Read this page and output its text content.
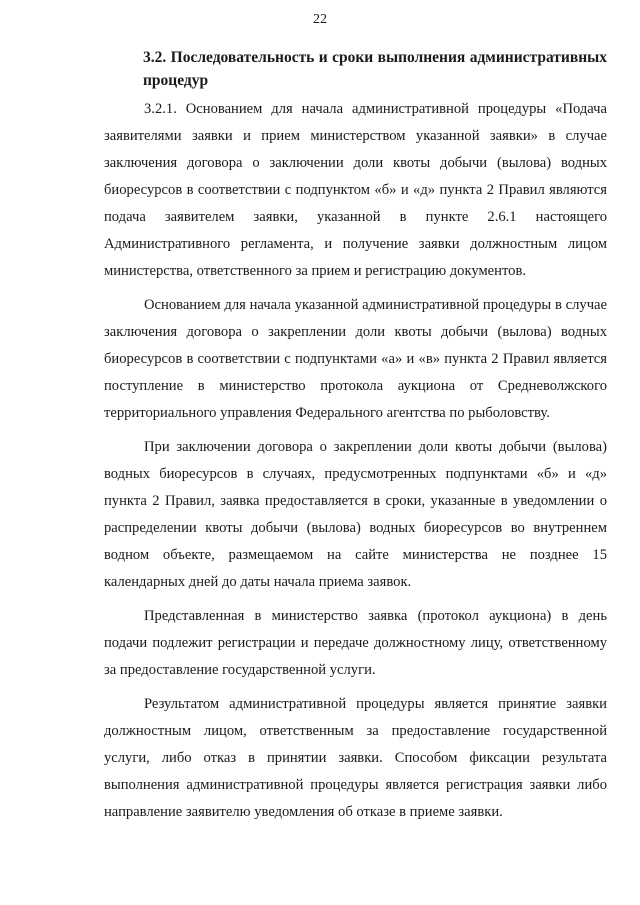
22
3.2. Последовательность и сроки выполнения административных процедур

3.2.1. Основанием для начала административной процедуры «Подача заявителями заявки и прием министерством указанной заявки» в случае заключения договора о заключении доли квоты добычи (вылова) водных биоресурсов в соответствии с подпунктом «б» и «д» пункта 2 Правил являются подача заявителем заявки, указанной в пункте 2.6.1 настоящего Административного регламента, и получение заявки должностным лицом министерства, ответственного за прием и регистрацию документов.

Основанием для начала указанной административной процедуры в случае заключения договора о закреплении доли квоты добычи (вылова) водных биоресурсов в соответствии с подпунктами «а» и «в» пункта 2 Правил является поступление в министерство протокола аукциона от Средневолжского территориального управления Федерального агентства по рыболовству.

При заключении договора о закреплении доли квоты добычи (вылова) водных биоресурсов в случаях, предусмотренных подпунктами «б» и «д» пункта 2 Правил, заявка предоставляется в сроки, указанные в уведомлении о распределении квоты добычи (вылова) водных биоресурсов во внутреннем водном объекте, размещаемом на сайте министерства не позднее 15 календарных дней до даты начала приема заявок.

Представленная в министерство заявка (протокол аукциона) в день подачи подлежит регистрации и передаче должностному лицу, ответственному за предоставление государственной услуги.

Результатом административной процедуры является принятие заявки должностным лицом, ответственным за предоставление государственной услуги, либо отказ в принятии заявки. Способом фиксации результата выполнения административной процедуры является регистрация заявки либо направление заявителю уведомления об отказе в приеме заявки.
